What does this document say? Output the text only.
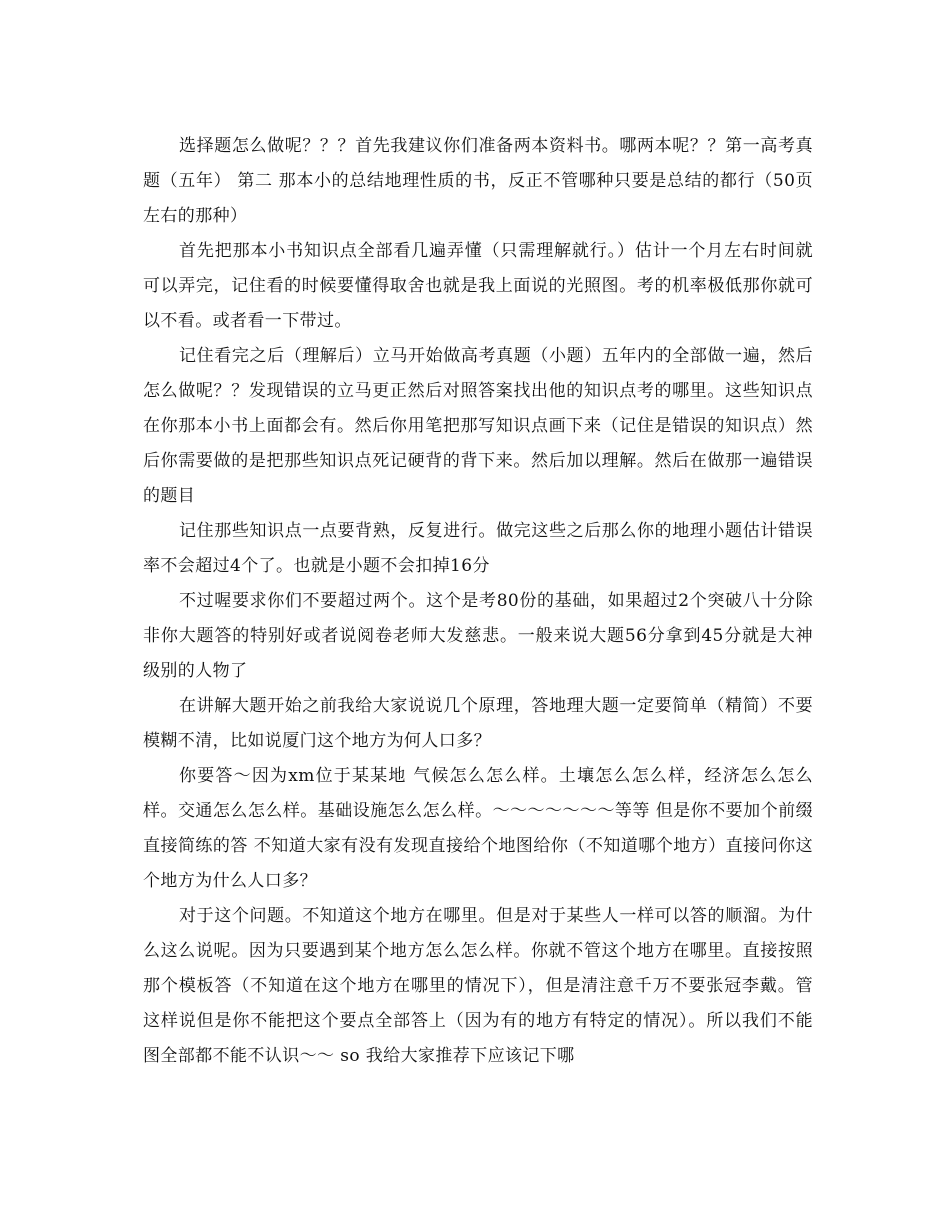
选择题怎么做呢？？？首先我建议你们准备两本资料书。哪两本呢？？第一高考真题（五年） 第二 那本小的总结地理性质的书，反正不管哪种只要是总结的都行（50页左右的那种）

首先把那本小书知识点全部看几遍弄懂（只需理解就行。）估计一个月左右时间就可以弄完，记住看的时候要懂得取舍也就是我上面说的光照图。考的机率极低那你就可以不看。或者看一下带过。

记住看完之后（理解后）立马开始做高考真题（小题）五年内的全部做一遍，然后怎么做呢？？发现错误的立马更正然后对照答案找出他的知识点考的哪里。这些知识点在你那本小书上面都会有。然后你用笔把那写知识点画下来（记住是错误的知识点）然后你需要做的是把那些知识点死记硬背的背下来。然后加以理解。然后在做那一遍错误的题目

记住那些知识点一点要背熟，反复进行。做完这些之后那么你的地理小题估计错误率不会超过4个了。也就是小题不会扣掉16分

不过喔要求你们不要超过两个。这个是考80份的基础，如果超过2个突破八十分除非你大题答的特别好或者说阅卷老师大发慈悲。一般来说大题56分拿到45分就是大神级别的人物了

在讲解大题开始之前我给大家说说几个原理，答地理大题一定要简单（精简）不要模糊不清，比如说厦门这个地方为何人口多？

你要答～因为xm位于某某地 气候怎么怎么样。土壤怎么怎么样，经济怎么怎么样。交通怎么怎么样。基础设施怎么怎么样。～～～～～～～等等 但是你不要加个前缀直接简练的答 不知道大家有没有发现直接给个地图给你（不知道哪个地方）直接问你这个地方为什么人口多？

对于这个问题。不知道这个地方在哪里。但是对于某些人一样可以答的顺溜。为什么这么说呢。因为只要遇到某个地方怎么怎么样。你就不管这个地方在哪里。直接按照那个模板答（不知道在这个地方在哪里的情况下），但是清注意千万不要张冠李戴。管这样说但是你不能把这个要点全部答上（因为有的地方有特定的情况）。所以我们不能图全部都不能不认识～～ so 我给大家推荐下应该记下哪
